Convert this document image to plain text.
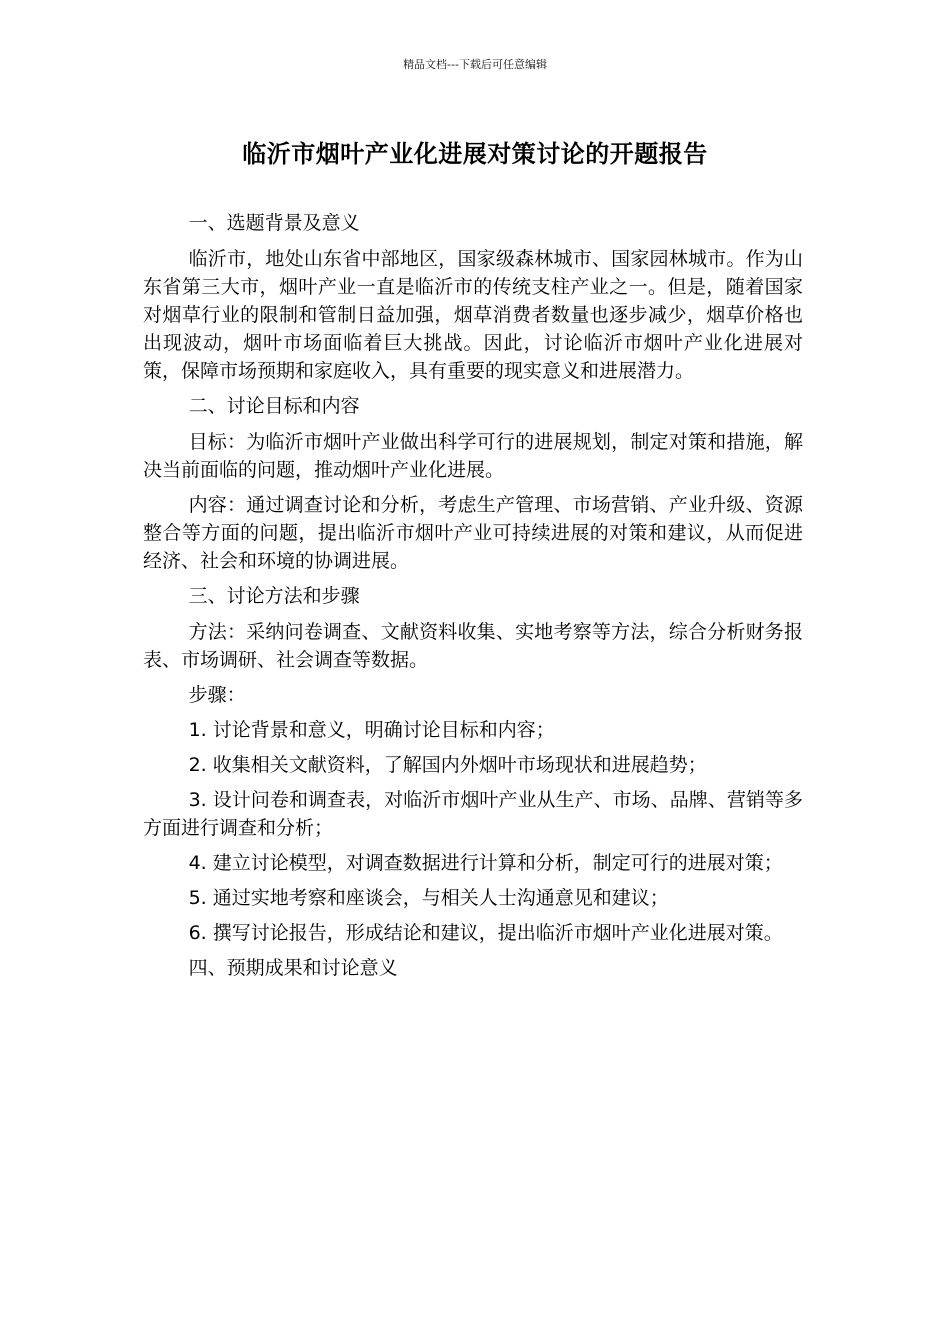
精品文档---下载后可任意编辑
临沂市烟叶产业化进展对策讨论的开题报告

一、选题背景及意义

临沂市，地处山东省中部地区，国家级森林城市、国家园林城市。作为山东省第三大市，烟叶产业一直是临沂市的传统支柱产业之一。但是，随着国家对烟草行业的限制和管制日益加强，烟草消费者数量也逐步减少，烟草价格也出现波动，烟叶市场面临着巨大挑战。因此，讨论临沂市烟叶产业化进展对策，保障市场预期和家庭收入，具有重要的现实意义和进展潜力。

二、讨论目标和内容

目标：为临沂市烟叶产业做出科学可行的进展规划，制定对策和措施，解决当前面临的问题，推动烟叶产业化进展。

内容：通过调查讨论和分析，考虑生产管理、市场营销、产业升级、资源整合等方面的问题，提出临沂市烟叶产业可持续进展的对策和建议，从而促进经济、社会和环境的协调进展。

三、讨论方法和步骤

方法：采纳问卷调查、文献资料收集、实地考察等方法，综合分析财务报表、市场调研、社会调查等数据。

步骤：

1. 讨论背景和意义，明确讨论目标和内容；

2. 收集相关文献资料，了解国内外烟叶市场现状和进展趋势；

3. 设计问卷和调查表，对临沂市烟叶产业从生产、市场、品牌、营销等多方面进行调查和分析；

4. 建立讨论模型，对调查数据进行计算和分析，制定可行的进展对策；

5. 通过实地考察和座谈会，与相关人士沟通意见和建议；

6. 撰写讨论报告，形成结论和建议，提出临沂市烟叶产业化进展对策。

四、预期成果和讨论意义
